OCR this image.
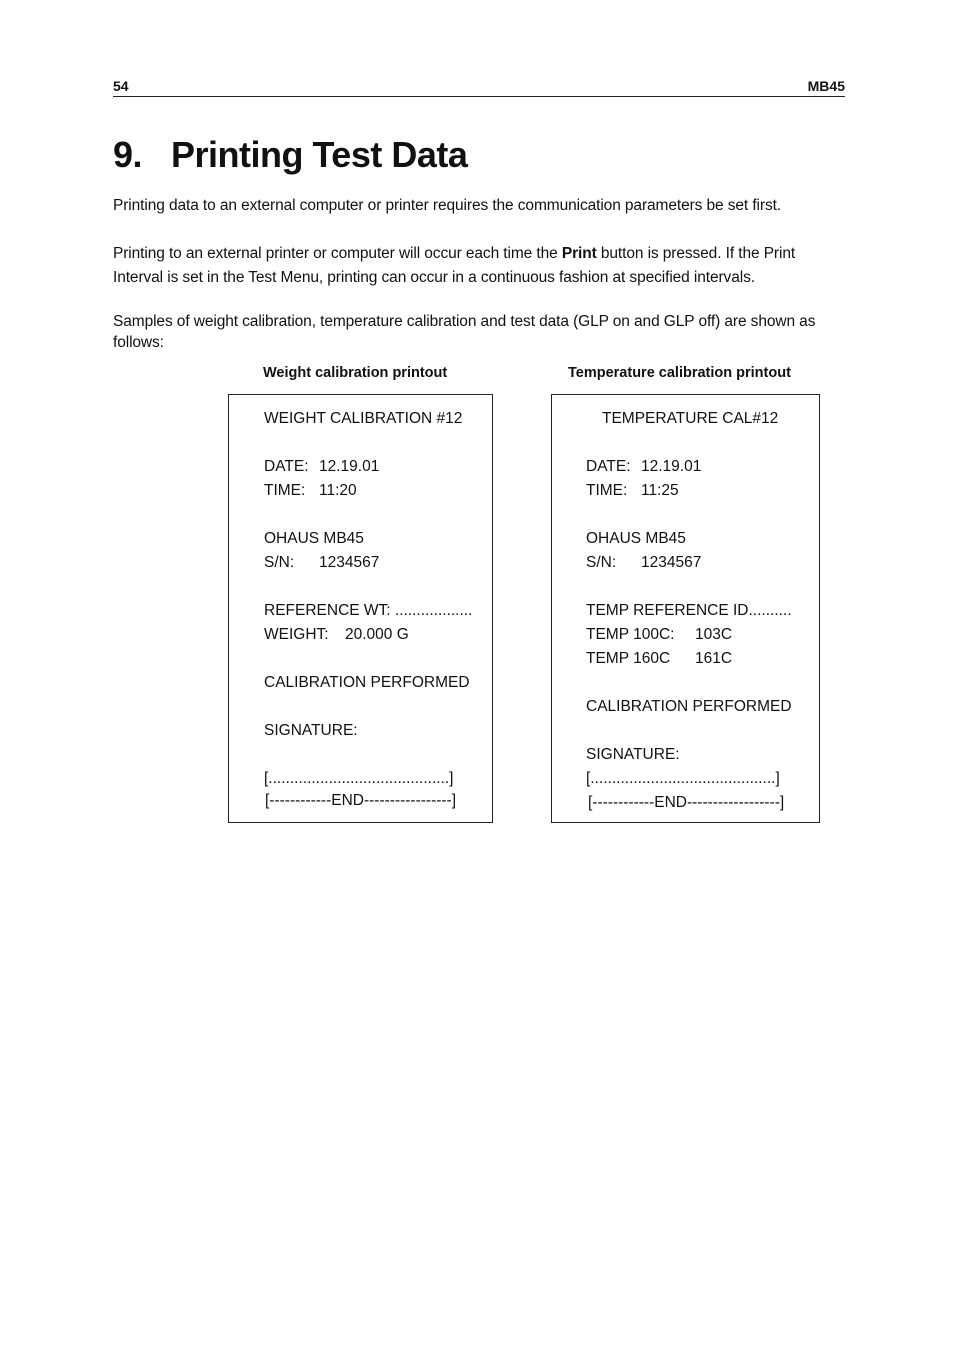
54	MB45
9. Printing Test Data

Printing data to an external computer or printer requires the communication parameters be set first.

Printing to an external printer or computer will occur each time the Print button is pressed. If the Print Interval is set in the Test Menu, printing can occur in a continuous fashion at specified intervals.

Samples of weight calibration, temperature calibration and test data (GLP on and GLP off) are shown as follows:

Weight calibration printout	Temperature calibration printout
WEIGHT CALIBRATION #12
DATE: 12.19.01
TIME: 11:20
OHAUS MB45
S/N: 1234567
REFERENCE WT: ..................
WEIGHT: 20.000 G
CALIBRATION PERFORMED
SIGNATURE:
[..........................................]
[------------END-----------------]
TEMPERATURE CAL#12
DATE: 12.19.01
TIME: 11:25
OHAUS MB45
S/N: 1234567
TEMP REFERENCE ID..........
TEMP 100C: 103C
TEMP 160C 161C
CALIBRATION PERFORMED
SIGNATURE:
[...........................................]
[------------END------------------]
